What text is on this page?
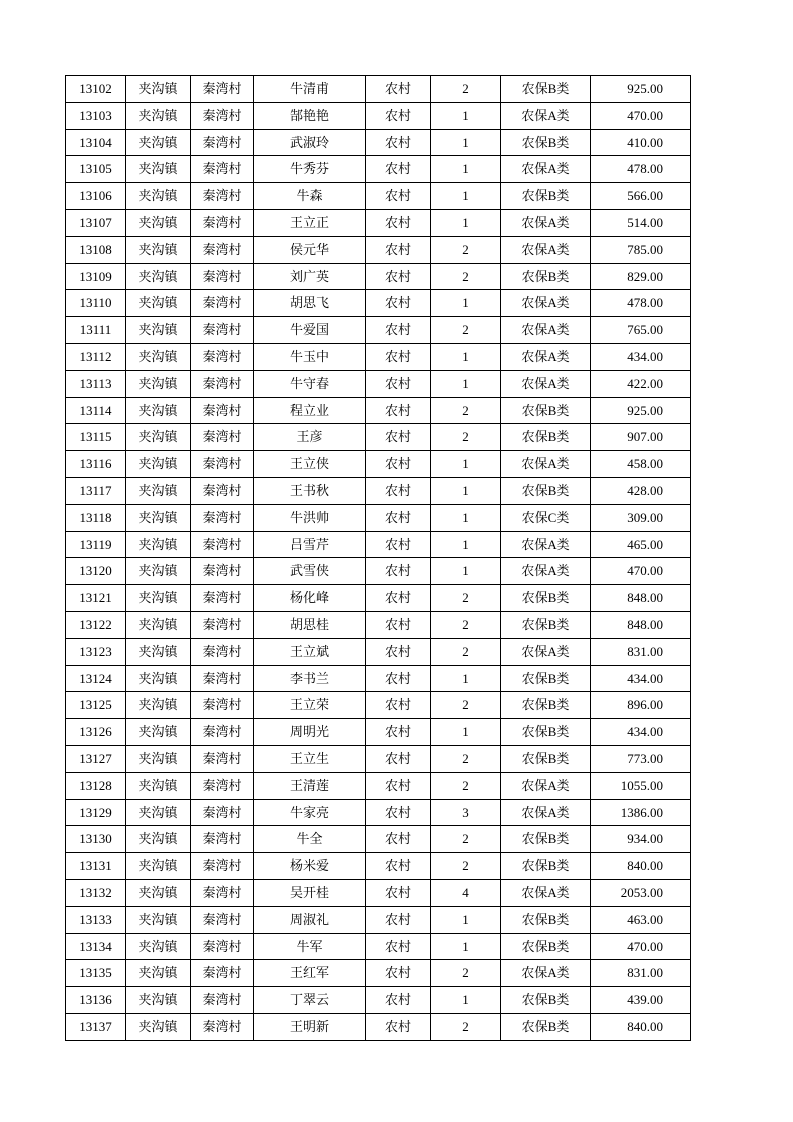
13102	夹沟镇	秦湾村	牛清甫	农村	2	农保B类	925.00
13103	夹沟镇	秦湾村	郜艳艳	农村	1	农保A类	470.00
13104	夹沟镇	秦湾村	武淑玲	农村	1	农保B类	410.00
13105	夹沟镇	秦湾村	牛秀芬	农村	1	农保A类	478.00
13106	夹沟镇	秦湾村	牛森	农村	1	农保B类	566.00
13107	夹沟镇	秦湾村	王立正	农村	1	农保A类	514.00
13108	夹沟镇	秦湾村	侯元华	农村	2	农保A类	785.00
13109	夹沟镇	秦湾村	刘广英	农村	2	农保B类	829.00
13110	夹沟镇	秦湾村	胡思飞	农村	1	农保A类	478.00
13111	夹沟镇	秦湾村	牛爱国	农村	2	农保A类	765.00
13112	夹沟镇	秦湾村	牛玉中	农村	1	农保A类	434.00
13113	夹沟镇	秦湾村	牛守春	农村	1	农保A类	422.00
13114	夹沟镇	秦湾村	程立业	农村	2	农保B类	925.00
13115	夹沟镇	秦湾村	王彦	农村	2	农保B类	907.00
13116	夹沟镇	秦湾村	王立侠	农村	1	农保A类	458.00
13117	夹沟镇	秦湾村	王书秋	农村	1	农保B类	428.00
13118	夹沟镇	秦湾村	牛洪帅	农村	1	农保C类	309.00
13119	夹沟镇	秦湾村	吕雪芹	农村	1	农保A类	465.00
13120	夹沟镇	秦湾村	武雪侠	农村	1	农保A类	470.00
13121	夹沟镇	秦湾村	杨化峰	农村	2	农保B类	848.00
13122	夹沟镇	秦湾村	胡思桂	农村	2	农保B类	848.00
13123	夹沟镇	秦湾村	王立斌	农村	2	农保A类	831.00
13124	夹沟镇	秦湾村	李书兰	农村	1	农保B类	434.00
13125	夹沟镇	秦湾村	王立荣	农村	2	农保B类	896.00
13126	夹沟镇	秦湾村	周明光	农村	1	农保B类	434.00
13127	夹沟镇	秦湾村	王立生	农村	2	农保B类	773.00
13128	夹沟镇	秦湾村	王清莲	农村	2	农保A类	1055.00
13129	夹沟镇	秦湾村	牛家亮	农村	3	农保A类	1386.00
13130	夹沟镇	秦湾村	牛全	农村	2	农保B类	934.00
13131	夹沟镇	秦湾村	杨米爱	农村	2	农保B类	840.00
13132	夹沟镇	秦湾村	吴开桂	农村	4	农保A类	2053.00
13133	夹沟镇	秦湾村	周淑礼	农村	1	农保B类	463.00
13134	夹沟镇	秦湾村	牛军	农村	1	农保B类	470.00
13135	夹沟镇	秦湾村	王红军	农村	2	农保A类	831.00
13136	夹沟镇	秦湾村	丁翠云	农村	1	农保B类	439.00
13137	夹沟镇	秦湾村	王明新	农村	2	农保B类	840.00
